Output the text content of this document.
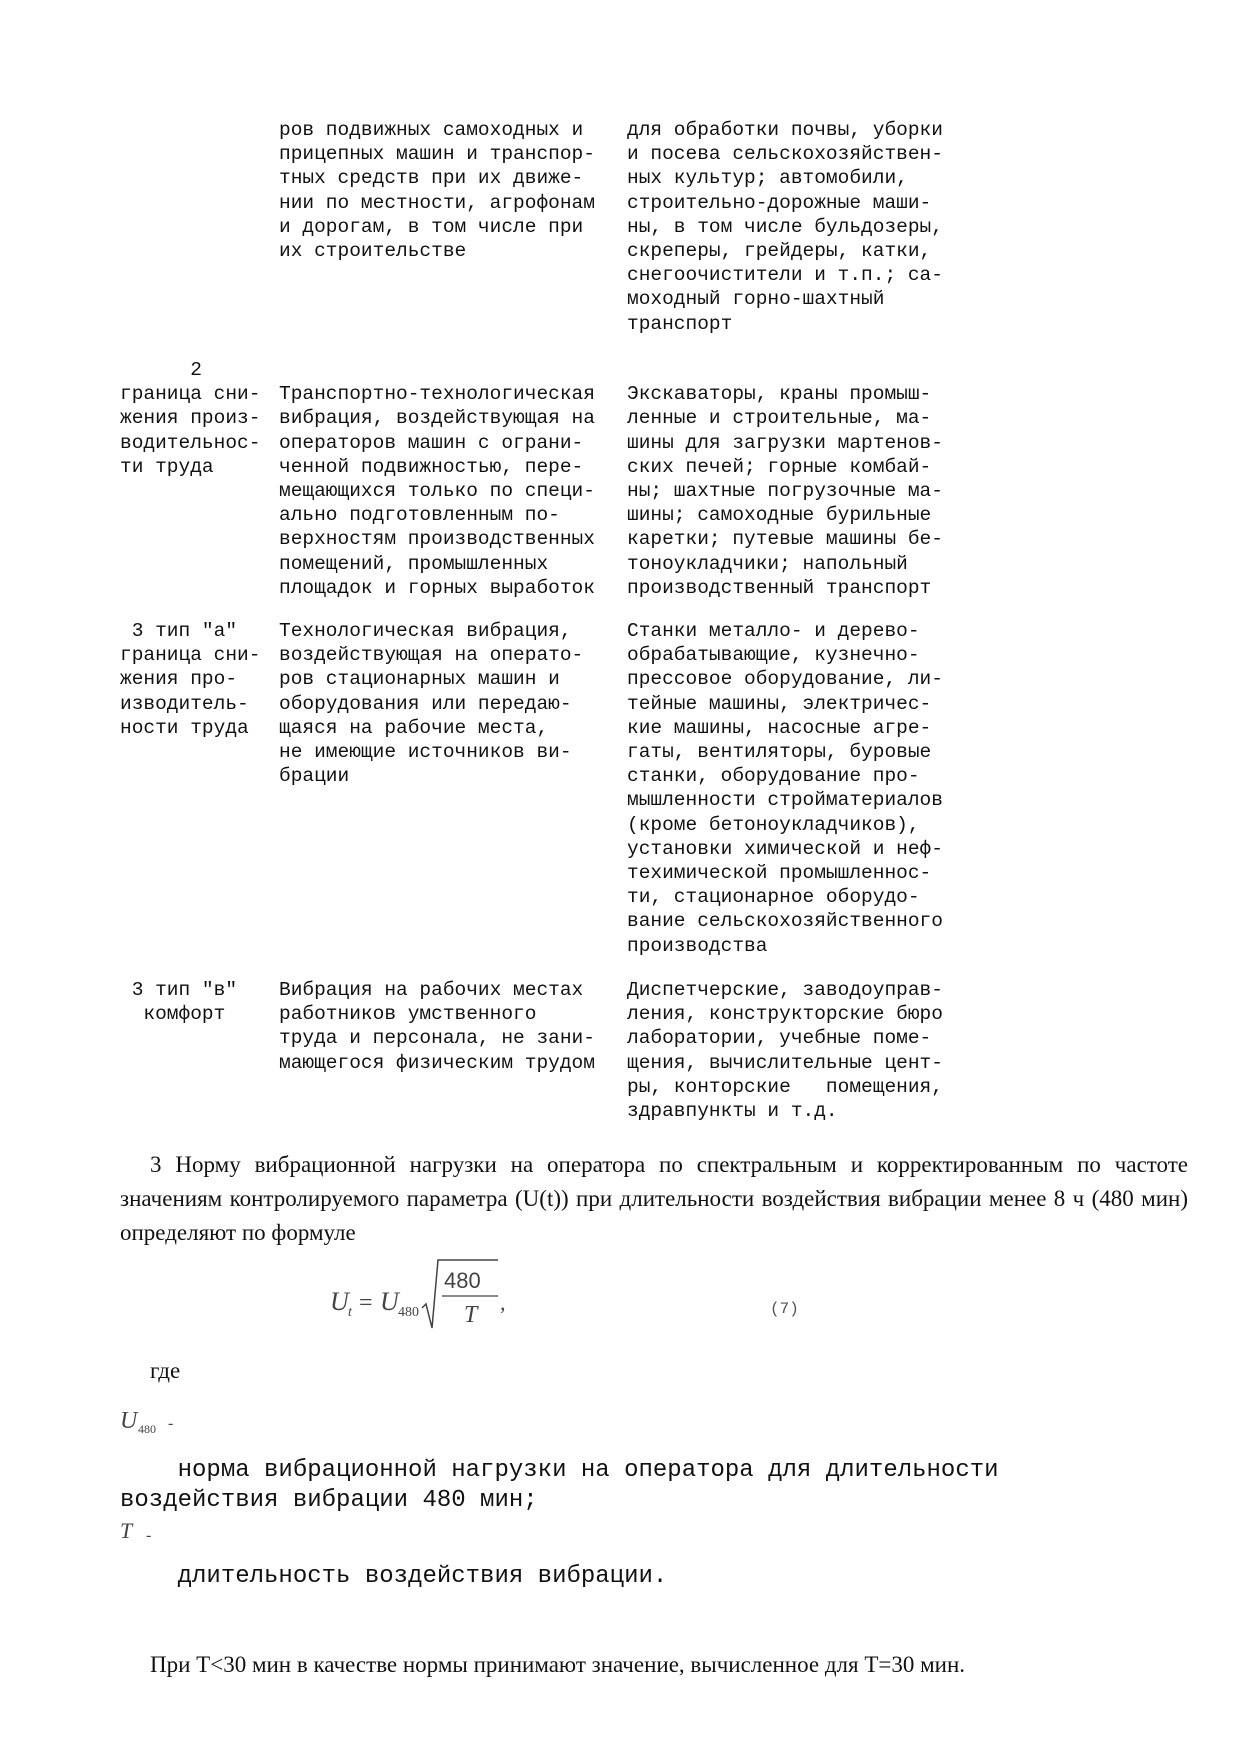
ров подвижных самоходных и
прицепных машин и транспор-
тных средств при их движе-
нии по местности, агрофонам
и дорогам, в том числе при
их строительстве
для обработки почвы, уборки
и посева сельскохозяйствен-
ных культур; автомобили,
строительно-дорожные маши-
ны, в том числе бульдозеры,
скреперы, грейдеры, катки,
снегоочистители и т.п.; са-
моходный горно-шахтный
транспорт
2
граница сни-
жения произ-
водительнос-
ти труда

Транспортно-технологическая
вибрация, воздействующая на
операторов машин с ограни-
ченной подвижностью, пере-
мещающихся только по специ-
ально подготовленным по-
верхностям производственных
помещений, промышленных
площадок и горных выработок

Экскаваторы, краны промыш-
ленные и строительные, ма-
шины для загрузки мартенов-
ских печей; горные комбай-
ны; шахтные погрузочные ма-
шины; самоходные бурильные
каретки; путевые машины бе-
тоноукладчики; напольный
производственный транспорт
3 тип "а"
граница сни-
жения про-
изводитель-
ности труда
Технологическая вибрация,
воздействующая на операто-
ров стационарных машин и
оборудования или передаю-
щаяся на рабочие места,
не имеющие источников ви-
брации
Станки металло- и дерево-
обрабатывающие, кузнечно-
прессовое оборудование, ли-
тейные машины, электричес-
кие машины, насосные агре-
гаты, вентиляторы, буровые
станки, оборудование про-
мышленности стройматериалов
(кроме бетоноукладчиков),
установки химической и неф-
техимической промышленнос-
ти, стационарное оборудо-
вание сельскохозяйственного
производства
3 тип "в"
комфорт
Вибрация на рабочих местах
работников умственного
труда и персонала, не зани-
мающегося физическим трудом
Диспетчерские, заводоуправ-
ления, конструкторские бюро
лаборатории, учебные поме-
щения, вычислительные цент-
ры, конторские   помещения,
здравпункты и т.д.
3 Норму вибрационной нагрузки на оператора по спектральным и корректированным по частоте значениям контролируемого параметра (U(t)) при длительности воздействия вибрации менее 8 ч (480 мин) определяют по формуле
U t = U 480
480
T ,	(7)
где
U 480 -
норма вибрационной нагрузки на оператора для длительности
воздействия вибрации 480 мин;
T -
длительность воздействия вибрации.
При T<30 мин в качестве нормы принимают значение, вычисленное для T=30 мин.
